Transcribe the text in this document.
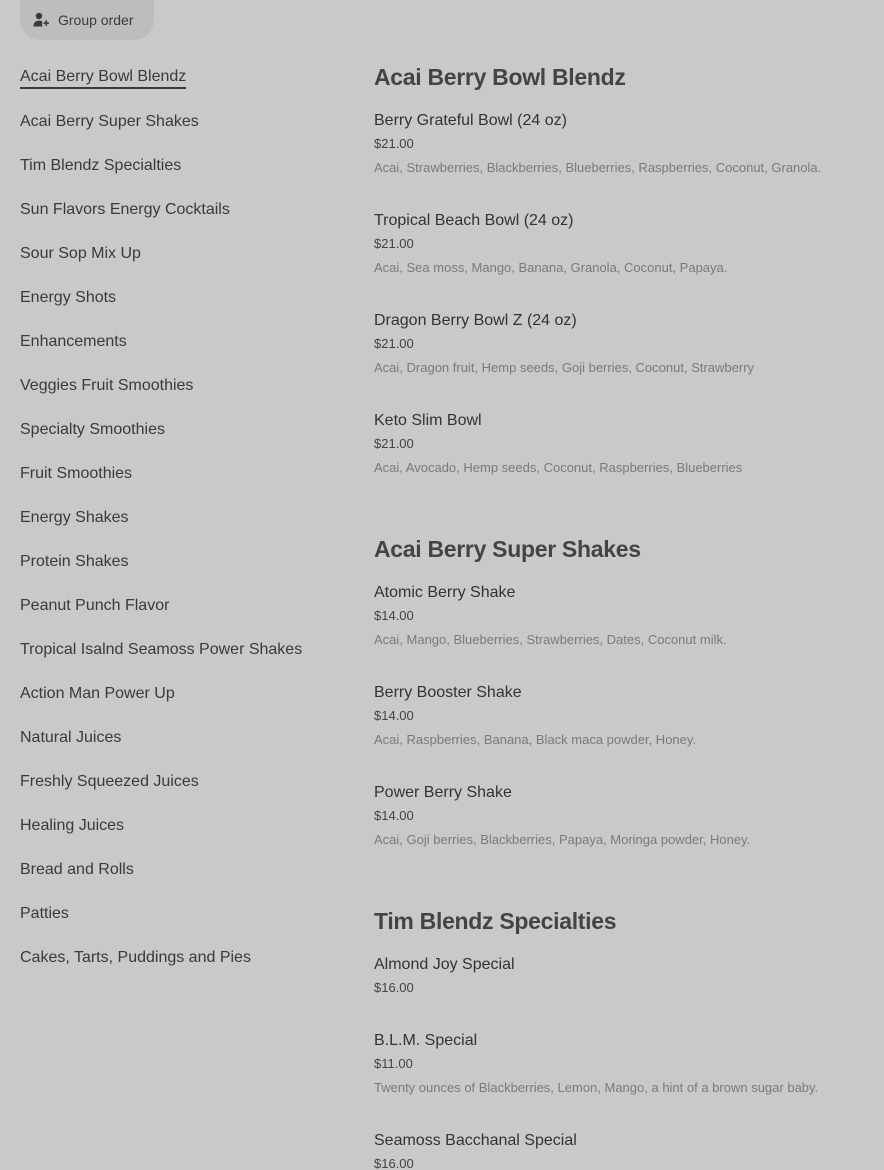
Group order
Acai Berry Bowl Blendz
Acai Berry Super Shakes
Tim Blendz Specialties
Sun Flavors Energy Cocktails
Sour Sop Mix Up
Energy Shots
Enhancements
Veggies Fruit Smoothies
Specialty Smoothies
Fruit Smoothies
Energy Shakes
Protein Shakes
Peanut Punch Flavor
Tropical Isalnd Seamoss Power Shakes
Action Man Power Up
Natural Juices
Freshly Squeezed Juices
Healing Juices
Bread and Rolls
Patties
Cakes, Tarts, Puddings and Pies
Acai Berry Bowl Blendz
Berry Grateful Bowl (24 oz)
$21.00
Acai, Strawberries, Blackberries, Blueberries, Raspberries, Coconut, Granola.
Tropical Beach Bowl (24 oz)
$21.00
Acai, Sea moss, Mango, Banana, Granola, Coconut, Papaya.
Dragon Berry Bowl Z (24 oz)
$21.00
Acai, Dragon fruit, Hemp seeds, Goji berries, Coconut, Strawberry
Keto Slim Bowl
$21.00
Acai, Avocado, Hemp seeds, Coconut, Raspberries, Blueberries
Acai Berry Super Shakes
Atomic Berry Shake
$14.00
Acai, Mango, Blueberries, Strawberries, Dates, Coconut milk.
Berry Booster Shake
$14.00
Acai, Raspberries, Banana, Black maca powder, Honey.
Power Berry Shake
$14.00
Acai, Goji berries, Blackberries, Papaya, Moringa powder, Honey.
Tim Blendz Specialties
Almond Joy Special
$16.00
B.L.M. Special
$11.00
Twenty ounces of Blackberries, Lemon, Mango, a hint of a brown sugar baby.
Seamoss Bacchanal Special
$16.00
